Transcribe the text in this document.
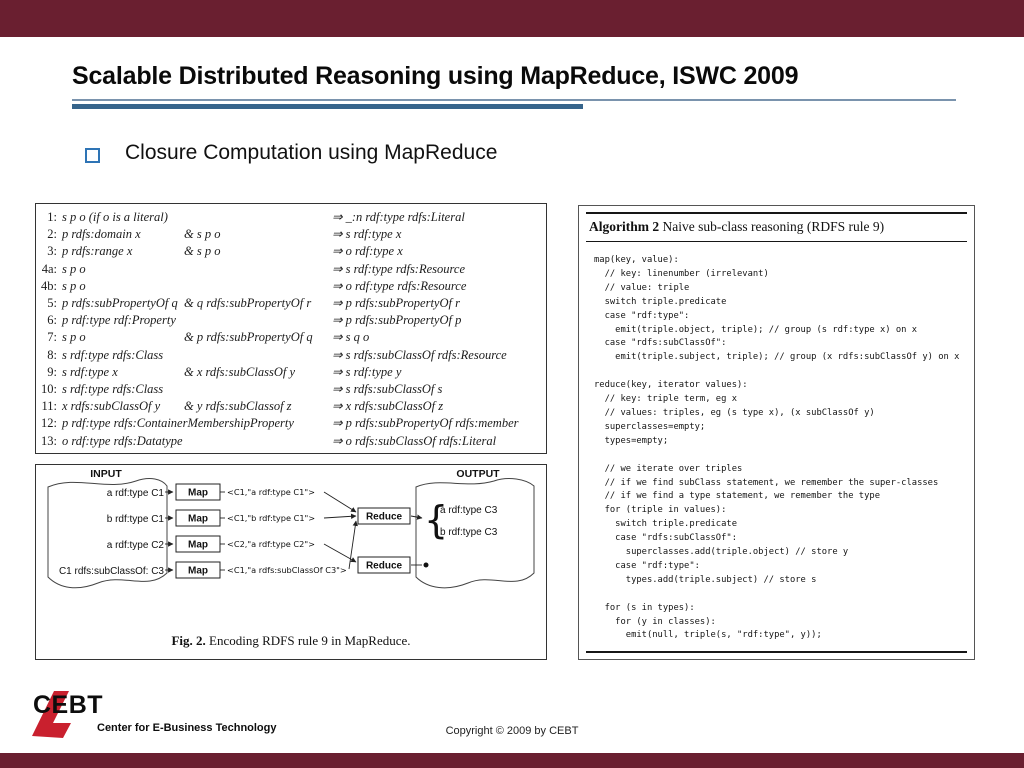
Scalable Distributed Reasoning using MapReduce, ISWC 2009
Closure Computation using MapReduce
1: s p o (if o is a literal)	⇒ _:n rdf:type rdfs:Literal
2: p rdfs:domain x	& s p o	⇒ s rdf:type x
3: p rdfs:range x	& s p o	⇒ o rdf:type x
4a: s p o	⇒ s rdf:type rdfs:Resource
4b: s p o	⇒ o rdf:type rdfs:Resource
5: p rdfs:subPropertyOf q & q rdfs:subPropertyOf r	⇒ p rdfs:subPropertyOf r
6: p rdf:type rdf:Property	⇒ p rdfs:subPropertyOf p
7: s p o	& p rdfs:subPropertyOf q	⇒ s q o
8: s rdf:type rdfs:Class	⇒ s rdfs:subClassOf rdfs:Resource
9: s rdf:type x	& x rdfs:subClassOf y	⇒ s rdf:type y
10: s rdf:type rdfs:Class	⇒ s rdfs:subClassOf s
11: x rdfs:subClassOf y	& y rdfs:subClassof z	⇒ x rdfs:subClassOf z
12: p rdf:type rdfs:ContainerMembershipProperty	⇒ p rdfs:subPropertyOf rdfs:member
13: o rdf:type rdfs:Datatype	⇒ o rdfs:subClassOf rdfs:Literal
INPUT	OUTPUT
a rdf:type C1
b rdf:type C1
a rdf:type C2
C1 rdfs:subClassOf: C3
Map
Map
Map
Map
<C1,"a rdf:type C1">
<C1,"b rdf:type C1">
<C2,"a rdf:type C2">
<C1,"a rdfs:subClassOf C3">
Reduce
Reduce
{
a rdf:type C3
b rdf:type C3
Fig. 2. Encoding RDFS rule 9 in MapReduce.
Algorithm 2 Naive sub-class reasoning (RDFS rule 9)
map(key, value):
// key: linenumber (irrelevant)
// value: triple
switch triple.predicate
case "rdf:type":
emit(triple.object, triple); // group (s rdf:type x) on x
case "rdfs:subClassOf":
emit(triple.subject, triple); // group (x rdfs:subClassOf y) on x

reduce(key, iterator values):
// key: triple term, eg x
// values: triples, eg (s type x), (x subClassOf y)
superclasses=empty;
types=empty;

// we iterate over triples
// if we find subClass statement, we remember the super-classes
// if we find a type statement, we remember the type
for (triple in values):
switch triple.predicate
case "rdfs:subClassOf":
superclasses.add(triple.object) // store y
case "rdf:type":
types.add(triple.subject) // store s

for (s in types):
for (y in classes):
emit(null, triple(s, "rdf:type", y));
CEBT
Center for E-Business Technology	Copyright © 2009 by CEBT
